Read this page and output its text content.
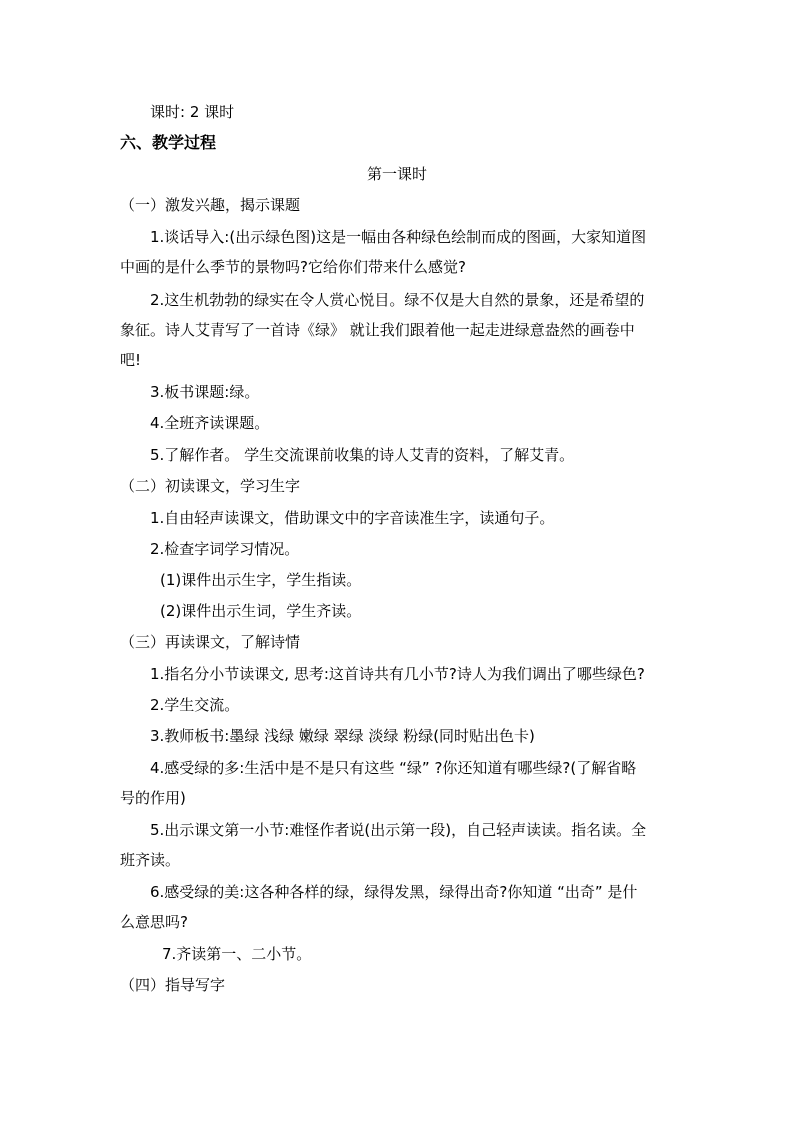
课时: 2 课时
六、教学过程
第一课时
（一）激发兴趣，揭示课题
1.谈话导入:(出示绿色图)这是一幅由各种绿色绘制而成的图画，大家知道图
中画的是什么季节的景物吗?它给你们带来什么感觉?
2.这生机勃勃的绿实在令人赏心悦目。绿不仅是大自然的景象，还是希望的
象征。诗人艾青写了一首诗《绿》 就让我们跟着他一起走进绿意盎然的画卷中
吧!
3.板书课题:绿。
4.全班齐读课题。
5.了解作者。 学生交流课前收集的诗人艾青的资料，了解艾青。
（二）初读课文，学习生字
1.自由轻声读课文，借助课文中的字音读准生字，读通句子。
2.检查字词学习情况。
(1)课件出示生字，学生指读。
(2)课件出示生词，学生齐读。
（三）再读课文，了解诗情
1.指名分小节读课文, 思考:这首诗共有几小节?诗人为我们调出了哪些绿色?
2.学生交流。
3.教师板书:墨绿 浅绿 嫩绿 翠绿 淡绿 粉绿(同时贴出色卡)
4.感受绿的多:生活中是不是只有这些 “绿” ?你还知道有哪些绿?(了解省略
号的作用)
5.出示课文第一小节:难怪作者说(出示第一段)，自己轻声读读。指名读。全
班齐读。
6.感受绿的美:这各种各样的绿，绿得发黑，绿得出奇?你知道 “出奇” 是什
么意思吗?
7.齐读第一、二小节。
（四）指导写字
